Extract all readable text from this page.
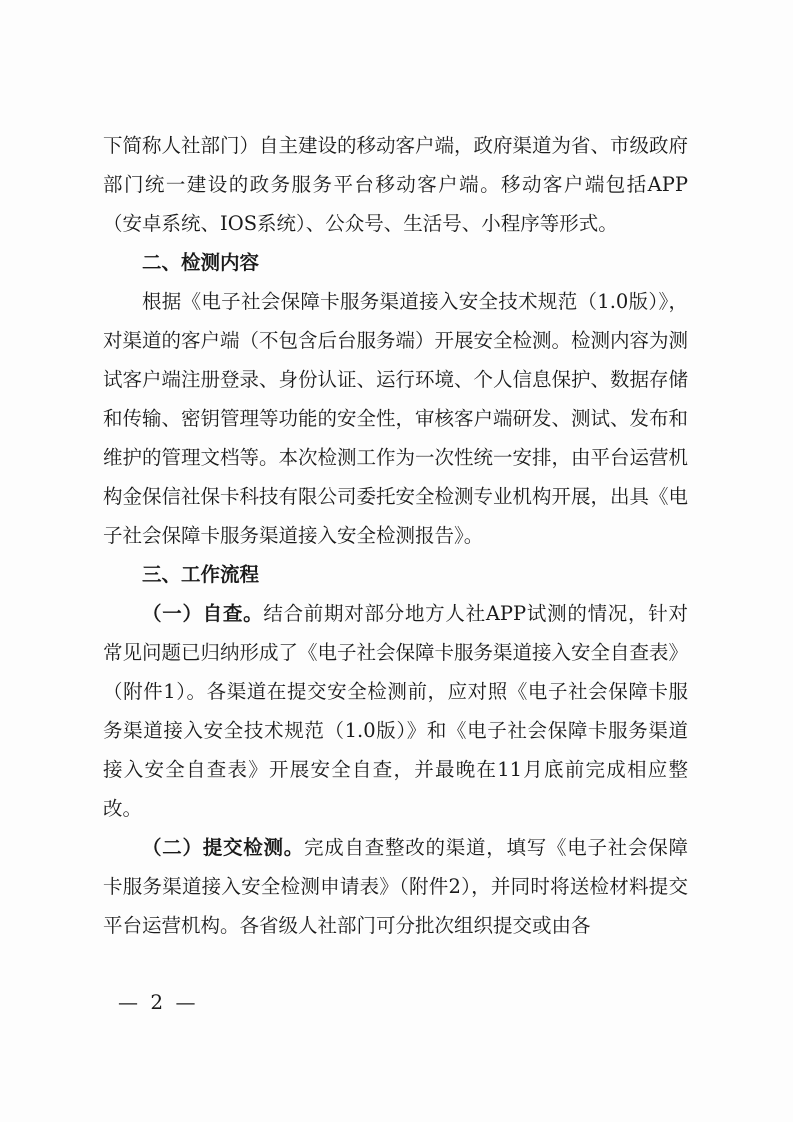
下简称人社部门）自主建设的移动客户端，政府渠道为省、市级政府部门统一建设的政务服务平台移动客户端。移动客户端包括APP（安卓系统、IOS系统）、公众号、生活号、小程序等形式。

二、检测内容

根据《电子社会保障卡服务渠道接入安全技术规范（1.0版）》，对渠道的客户端（不包含后台服务端）开展安全检测。检测内容为测试客户端注册登录、身份认证、运行环境、个人信息保护、数据存储和传输、密钥管理等功能的安全性，审核客户端研发、测试、发布和维护的管理文档等。本次检测工作为一次性统一安排，由平台运营机构金保信社保卡科技有限公司委托安全检测专业机构开展，出具《电子社会保障卡服务渠道接入安全检测报告》。

三、工作流程

（一）自查。结合前期对部分地方人社APP试测的情况，针对常见问题已归纳形成了《电子社会保障卡服务渠道接入安全自查表》（附件1）。各渠道在提交安全检测前，应对照《电子社会保障卡服务渠道接入安全技术规范（1.0版）》和《电子社会保障卡服务渠道接入安全自查表》开展安全自查，并最晚在11月底前完成相应整改。

（二）提交检测。完成自查整改的渠道，填写《电子社会保障卡服务渠道接入安全检测申请表》（附件2），并同时将送检材料提交平台运营机构。各省级人社部门可分批次组织提交或由各

— 2 —
